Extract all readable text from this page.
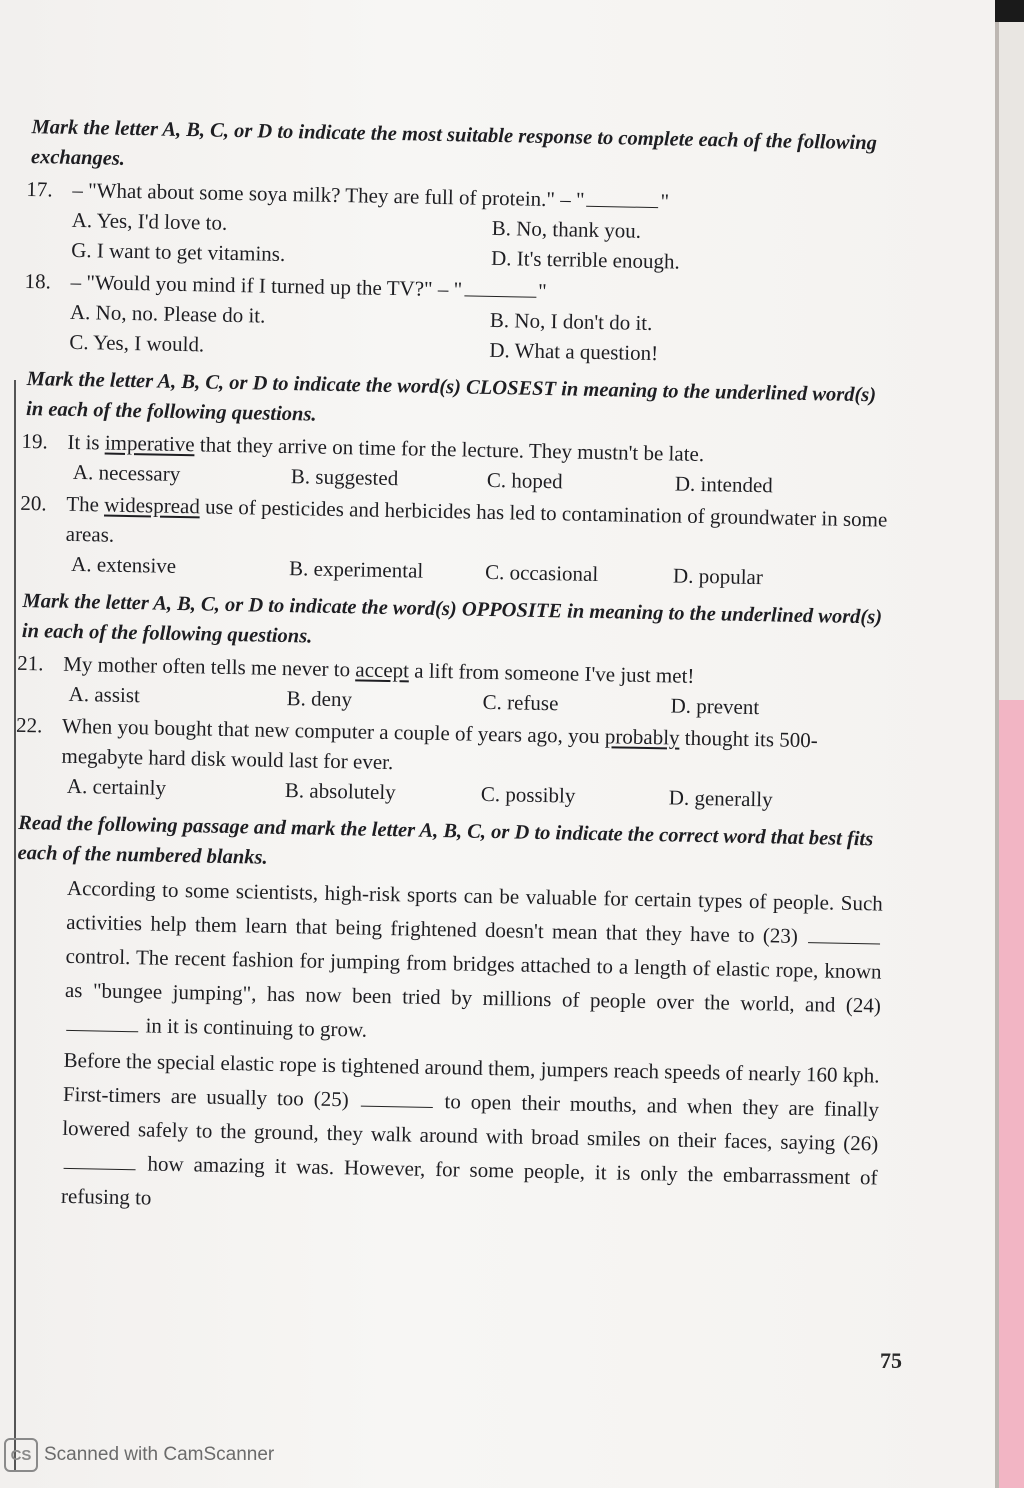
Mark the letter A, B, C, or D to indicate the most suitable response to complete each of the following exchanges.
17. – "What about some soya milk? They are full of protein." – "	"
A. Yes, I'd love to.	B. No, thank you.
G. I want to get vitamins.	D. It's terrible enough.
18. – "Would you mind if I turned up the TV?" – "	"
A. No, no. Please do it.	B. No, I don't do it.
C. Yes, I would.	D. What a question!
Mark the letter A, B, C, or D to indicate the word(s) CLOSEST in meaning to the underlined word(s) in each of the following questions.
19. It is imperative that they arrive on time for the lecture. They mustn't be late.
A. necessary	B. suggested	C. hoped	D. intended
20. The widespread use of pesticides and herbicides has led to contamination of groundwater in some areas.
A. extensive	B. experimental	C. occasional	D. popular
Mark the letter A, B, C, or D to indicate the word(s) OPPOSITE in meaning to the underlined word(s) in each of the following questions.
21. My mother often tells me never to accept a lift from someone I've just met!
A. assist	B. deny	C. refuse	D. prevent
22. When you bought that new computer a couple of years ago, you probably thought its 500-megabyte hard disk would last for ever.
A. certainly	B. absolutely	C. possibly	D. generally
Read the following passage and mark the letter A, B, C, or D to indicate the correct word that best fits each of the numbered blanks.

According to some scientists, high-risk sports can be valuable for certain types of people. Such activities help them learn that being frightened doesn't mean that they have to (23)  control. The recent fashion for jumping from bridges attached to a length of elastic rope, known as "bungee jumping", has now been tried by millions of people over the world, and (24)  in it is continuing to grow.

Before the special elastic rope is tightened around them, jumpers reach speeds of nearly 160 kph. First-timers are usually too (25)	to open their mouths, and when they are finally lowered safely to the ground, they walk around with broad smiles on their faces, saying (26)  how amazing it was. However, for some people, it is only the embarrassment of refusing to

75
CS Scanned with CamScanner
